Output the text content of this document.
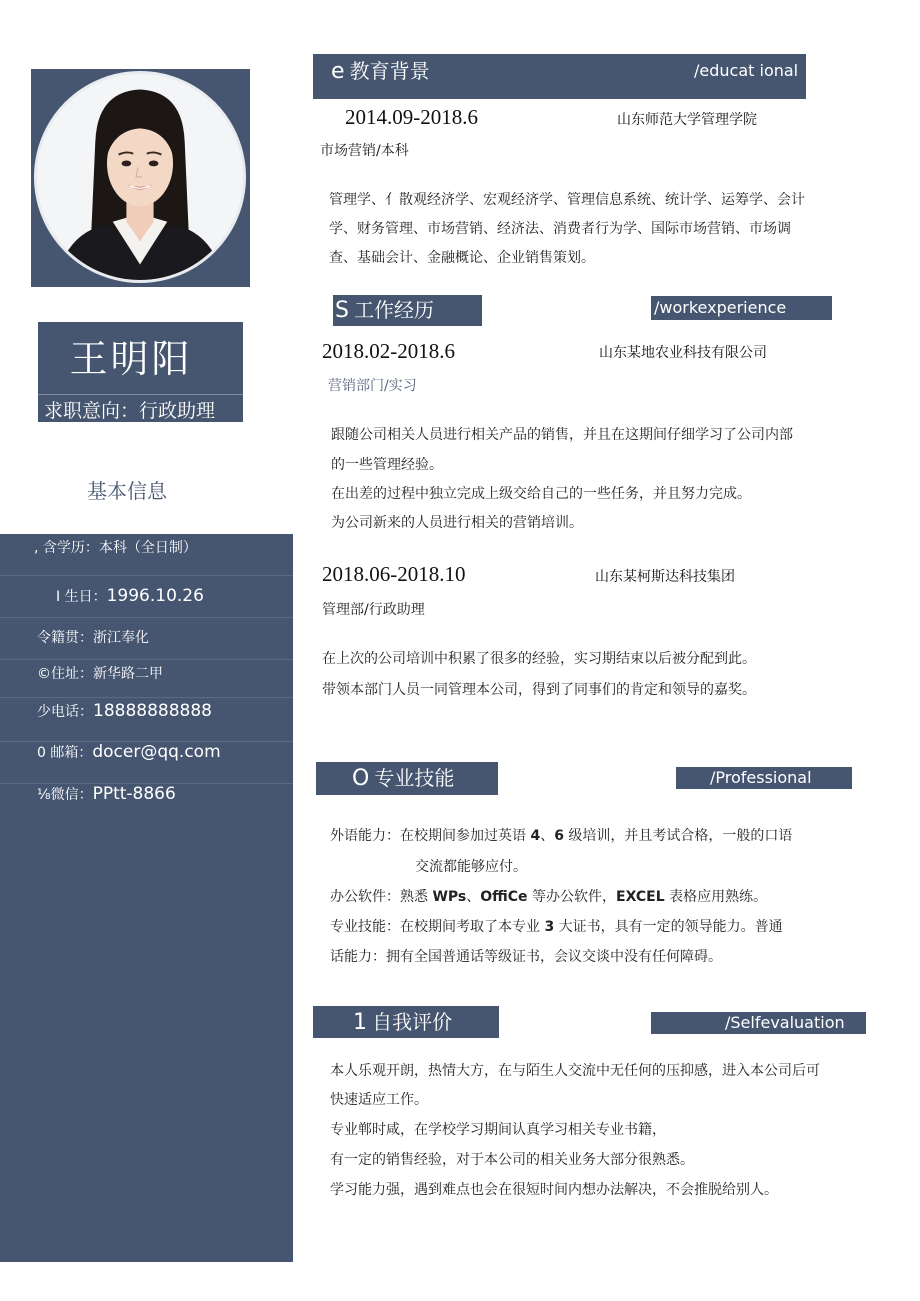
王明阳
求职意向：行政助理
基本信息
, 含学历：本科（全日制）
I 生日：1996.10.26
令籍贯：浙江奉化
©住址：新华路二甲
少电话：18888888888
0 邮箱：docer@qq.com
⅛微信：PPtt-8866
e 教育背景	/educat ional
2014.09-2018.6	山东师范大学管理学院
市场营销/本科
管理学、亻散观经济学、宏观经济学、管理信息系统、统计学、运筹学、会计
学、财务管理、市场营销、经济法、消费者行为学、国际市场营销、市场调
查、基础会计、金融概论、企业销售策划。
S 工作经历	/workexperience
2018.02-2018.6	山东某地农业科技有限公司
营销部门/实习
跟随公司相关人员进行相关产品的销售，并且在这期间仔细学习了公司内部
的一些管理经验。
在出差的过程中独立完成上级交给自己的一些任务，并且努力完成。
为公司新来的人员进行相关的营销培训。
2018.06-2018.10	山东某柯斯达科技集团
管理部/行政助理
在上次的公司培训中积累了很多的经验，实习期结束以后被分配到此。
带领本部门人员一同管理本公司，得到了同事们的肯定和领导的嘉奖。
O 专业技能	/Professional
外语能力：在校期间参加过英语 4、6 级培训，并且考试合格，一般的口语
交流都能够应付。
办公软件：熟悉 WPs、OffiCe 等办公软件，EXCEL 表格应用熟练。
专业技能：在校期间考取了本专业 3 大证书，具有一定的领导能力。普通
话能力：拥有全国普通话等级证书，会议交谈中没有任何障碍。
1 自我评价	/Selfevaluation
本人乐观开朗，热情大方，在与陌生人交流中无任何的压抑感，进入本公司后可
快速适应工作。
专业郸时咸，在学校学习期间认真学习相关专业书籍，
有一定的销售经验，对于本公司的相关业务大部分很熟悉。
学习能力强，遇到难点也会在很短时间内想办法解决，不会推脱给别人。
